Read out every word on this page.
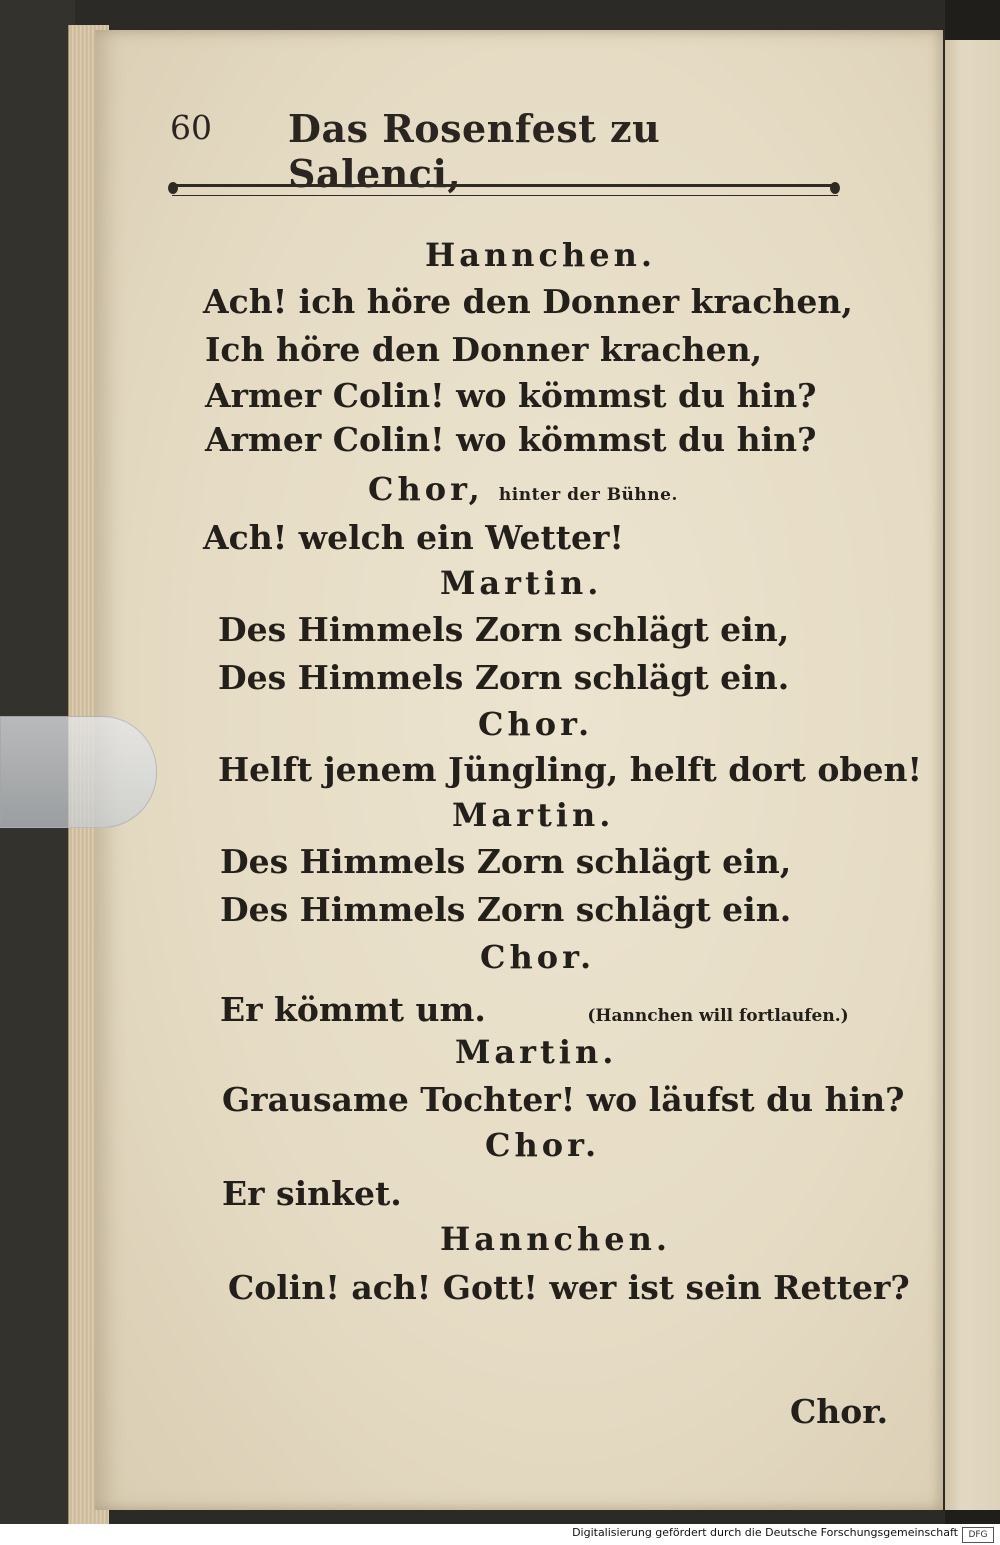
60 Das Rosenfest zu Salenci,
Hannchen.
Ach! ich höre den Donner krachen,
Ich höre den Donner krachen,
Armer Colin! wo kömmst du hin?
Armer Colin! wo kömmst du hin?
Chor, hinter der Bühne.
Ach! welch ein Wetter!
Martin.
Des Himmels Zorn schlägt ein,
Des Himmels Zorn schlägt ein.
Chor.
Helft jenem Jüngling, helft dort oben!
Martin.
Des Himmels Zorn schlägt ein,
Des Himmels Zorn schlägt ein.
Chor.
Er kömmt um.	(Hannchen will fortlaufen.)
Martin.
Grausame Tochter! wo läufst du hin?
Chor.
Er sinket.
Hannchen.
Colin! ach! Gott! wer ist sein Retter?
Chor.
Digitalisierung gefördert durch die Deutsche Forschungsgemeinschaft	DFG
